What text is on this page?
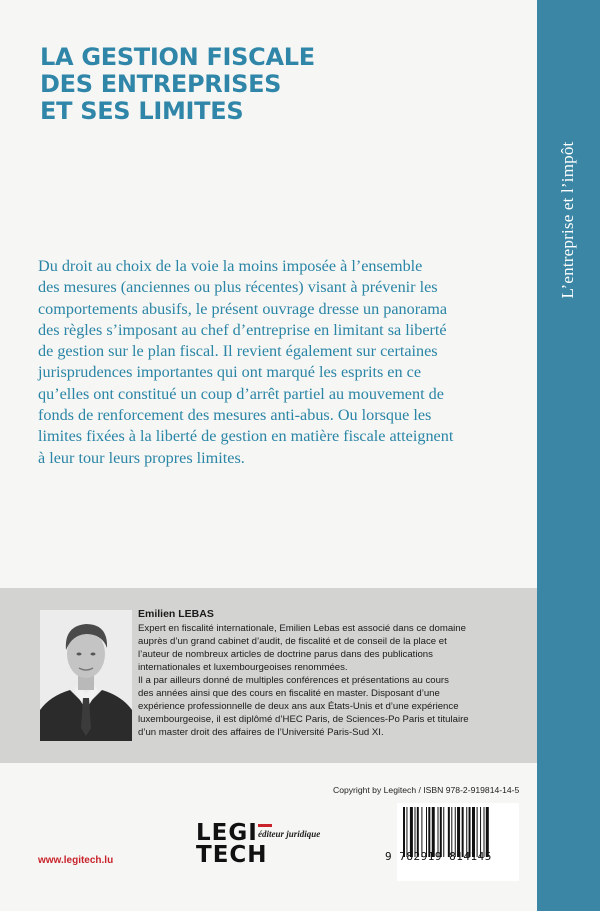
L’entreprise et l’impôt
LA GESTION FISCALE
DES ENTREPRISES
ET SES LIMITES
Du droit au choix de la voie la moins imposée à l’ensemble
des mesures (anciennes ou plus récentes) visant à prévenir les
comportements abusifs, le présent ouvrage dresse un panorama
des règles s’imposant au chef d’entreprise en limitant sa liberté
de gestion sur le plan fiscal. Il revient également sur certaines
jurisprudences importantes qui ont marqué les esprits en ce
qu’elles ont constitué un coup d’arrêt partiel au mouvement de
fonds de renforcement des mesures anti-abus. Ou lorsque les
limites fixées à la liberté de gestion en matière fiscale atteignent
à leur tour leurs propres limites.
Emilien LEBAS
Expert en fiscalité internationale, Emilien Lebas est associé dans ce domaine
auprès d’un grand cabinet d’audit, de fiscalité et de conseil de la place et
l’auteur de nombreux articles de doctrine parus dans des publications
internationales et luxembourgeoises renommées.
Il a par ailleurs donné de multiples conférences et présentations au cours
des années ainsi que des cours en fiscalité en master. Disposant d’une
expérience professionnelle de deux ans aux États-Unis et d’une expérience
luxembourgeoise, il est diplômé d’HEC Paris, de Sciences-Po Paris et titulaire
d’un master droit des affaires de l’Université Paris-Sud XI.
Copyright by Legitech / ISBN 978-2-919814-14-5
www.legitech.lu
LEGI
TECH
éditeur juridique
9 782919 814145
